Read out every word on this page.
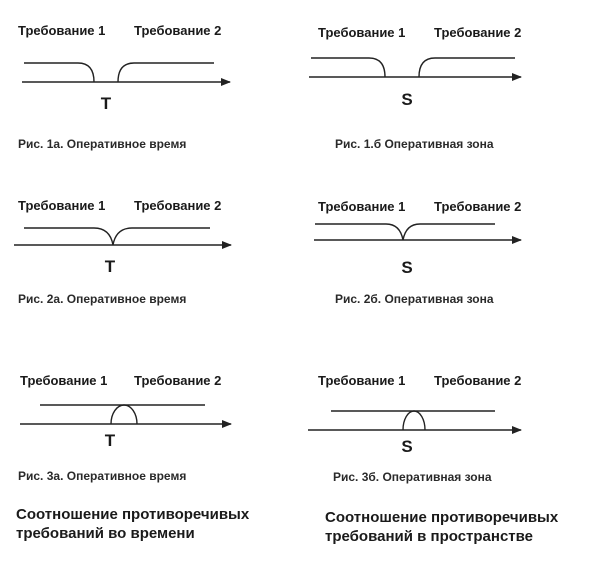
Требование 1 Требование 2
T
Рис. 1а. Оперативное время
Требование 1 Требование 2
S
Рис. 1.б Оперативная зона
Требование 1 Требование 2
T
Рис. 2а. Оперативное время
Требование 1 Требование 2
S
Рис. 2б. Оперативная зона
Требование 1 Требование 2
T
Рис. 3а. Оперативное время
Требование 1 Требование 2
S
Рис. 3б. Оперативная зона
Соотношение противоречивых
требований во времени
Соотношение противоречивых
требований в пространстве
